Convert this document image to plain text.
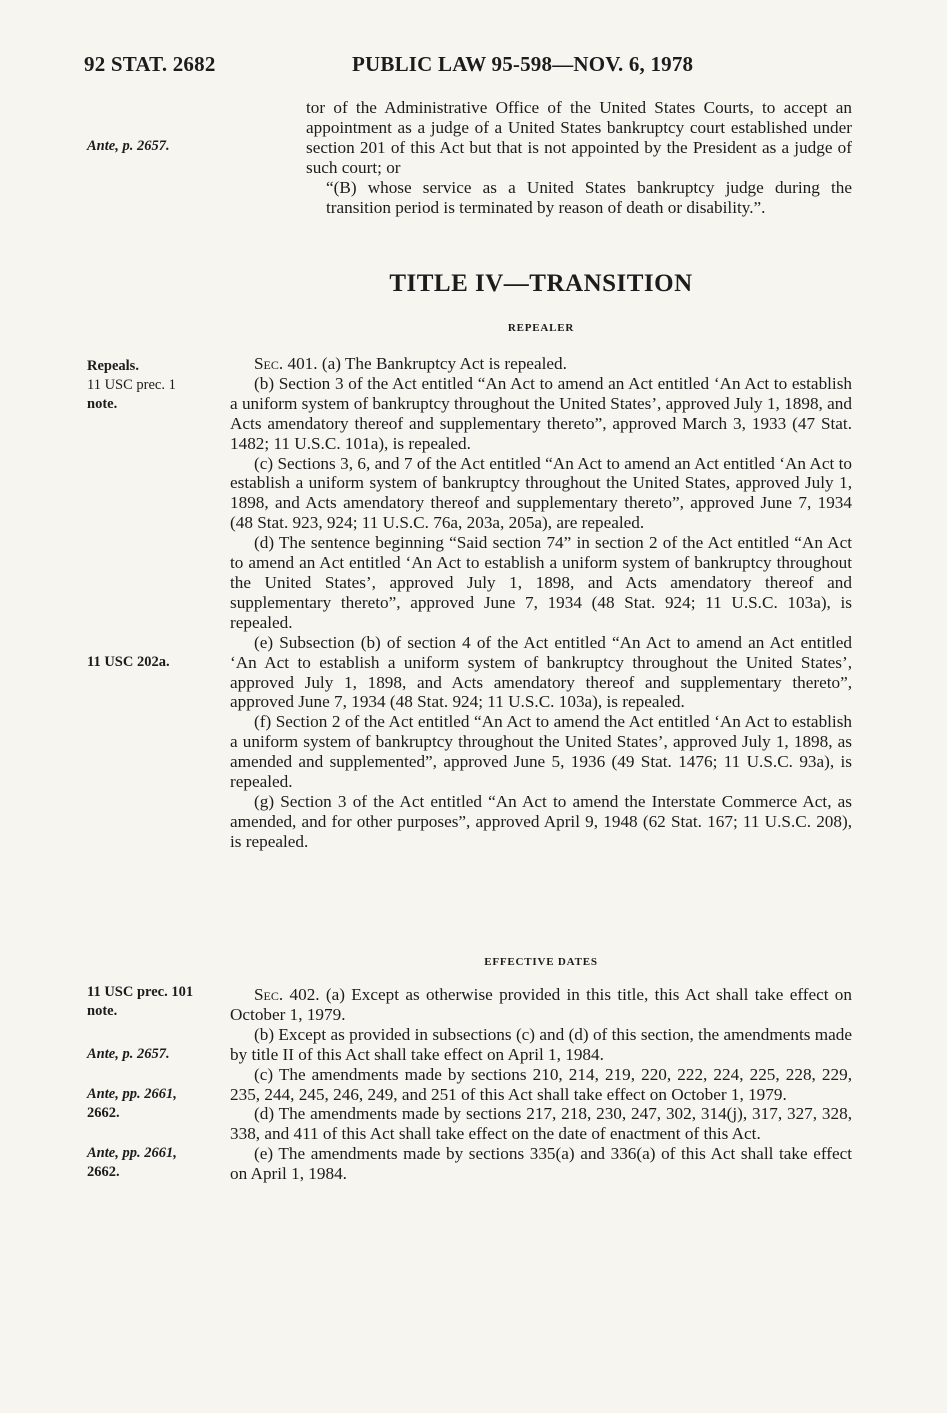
92 STAT. 2682	PUBLIC LAW 95-598—NOV. 6, 1978
Ante, p. 2657.
Repeals.
11 USC prec. 1
note.
11 USC 202a.
11 USC prec. 101
note.
Ante, p. 2657.
Ante, pp. 2661,
2662.
Ante, pp. 2661,
2662.

tor of the Administrative Office of the United States Courts, to accept an appointment as a judge of a United States bankruptcy court established under section 201 of this Act but that is not appointed by the President as a judge of such court; or

“(B) whose service as a United States bankruptcy judge during the transition period is terminated by reason of death or disability.”.

TITLE IV—TRANSITION
REPEALER

Sec. 401. (a) The Bankruptcy Act is repealed.

(b) Section 3 of the Act entitled “An Act to amend an Act entitled ‘An Act to establish a uniform system of bankruptcy throughout the United States’, approved July 1, 1898, and Acts amendatory thereof and supplementary thereto”, approved March 3, 1933 (47 Stat. 1482; 11 U.S.C. 101a), is repealed.

(c) Sections 3, 6, and 7 of the Act entitled “An Act to amend an Act entitled ‘An Act to establish a uniform system of bankruptcy throughout the United States, approved July 1, 1898, and Acts amendatory thereof and supplementary thereto”, approved June 7, 1934 (48 Stat. 923, 924; 11 U.S.C. 76a, 203a, 205a), are repealed.

(d) The sentence beginning “Said section 74” in section 2 of the Act entitled “An Act to amend an Act entitled ‘An Act to establish a uniform system of bankruptcy throughout the United States’, approved July 1, 1898, and Acts amendatory thereof and supplementary thereto”, approved June 7, 1934 (48 Stat. 924; 11 U.S.C. 103a), is repealed.

(e) Subsection (b) of section 4 of the Act entitled “An Act to amend an Act entitled ‘An Act to establish a uniform system of bankruptcy throughout the United States’, approved July 1, 1898, and Acts amendatory thereof and supplementary thereto”, approved June 7, 1934 (48 Stat. 924; 11 U.S.C. 103a), is repealed.

(f) Section 2 of the Act entitled “An Act to amend the Act entitled ‘An Act to establish a uniform system of bankruptcy throughout the United States’, approved July 1, 1898, as amended and supplemented”, approved June 5, 1936 (49 Stat. 1476; 11 U.S.C. 93a), is repealed.

(g) Section 3 of the Act entitled “An Act to amend the Interstate Commerce Act, as amended, and for other purposes”, approved April 9, 1948 (62 Stat. 167; 11 U.S.C. 208), is repealed.

EFFECTIVE DATES

Sec. 402. (a) Except as otherwise provided in this title, this Act shall take effect on October 1, 1979.

(b) Except as provided in subsections (c) and (d) of this section, the amendments made by title II of this Act shall take effect on April 1, 1984.

(c) The amendments made by sections 210, 214, 219, 220, 222, 224, 225, 228, 229, 235, 244, 245, 246, 249, and 251 of this Act shall take effect on October 1, 1979.

(d) The amendments made by sections 217, 218, 230, 247, 302, 314(j), 317, 327, 328, 338, and 411 of this Act shall take effect on the date of enactment of this Act.

(e) The amendments made by sections 335(a) and 336(a) of this Act shall take effect on April 1, 1984.
